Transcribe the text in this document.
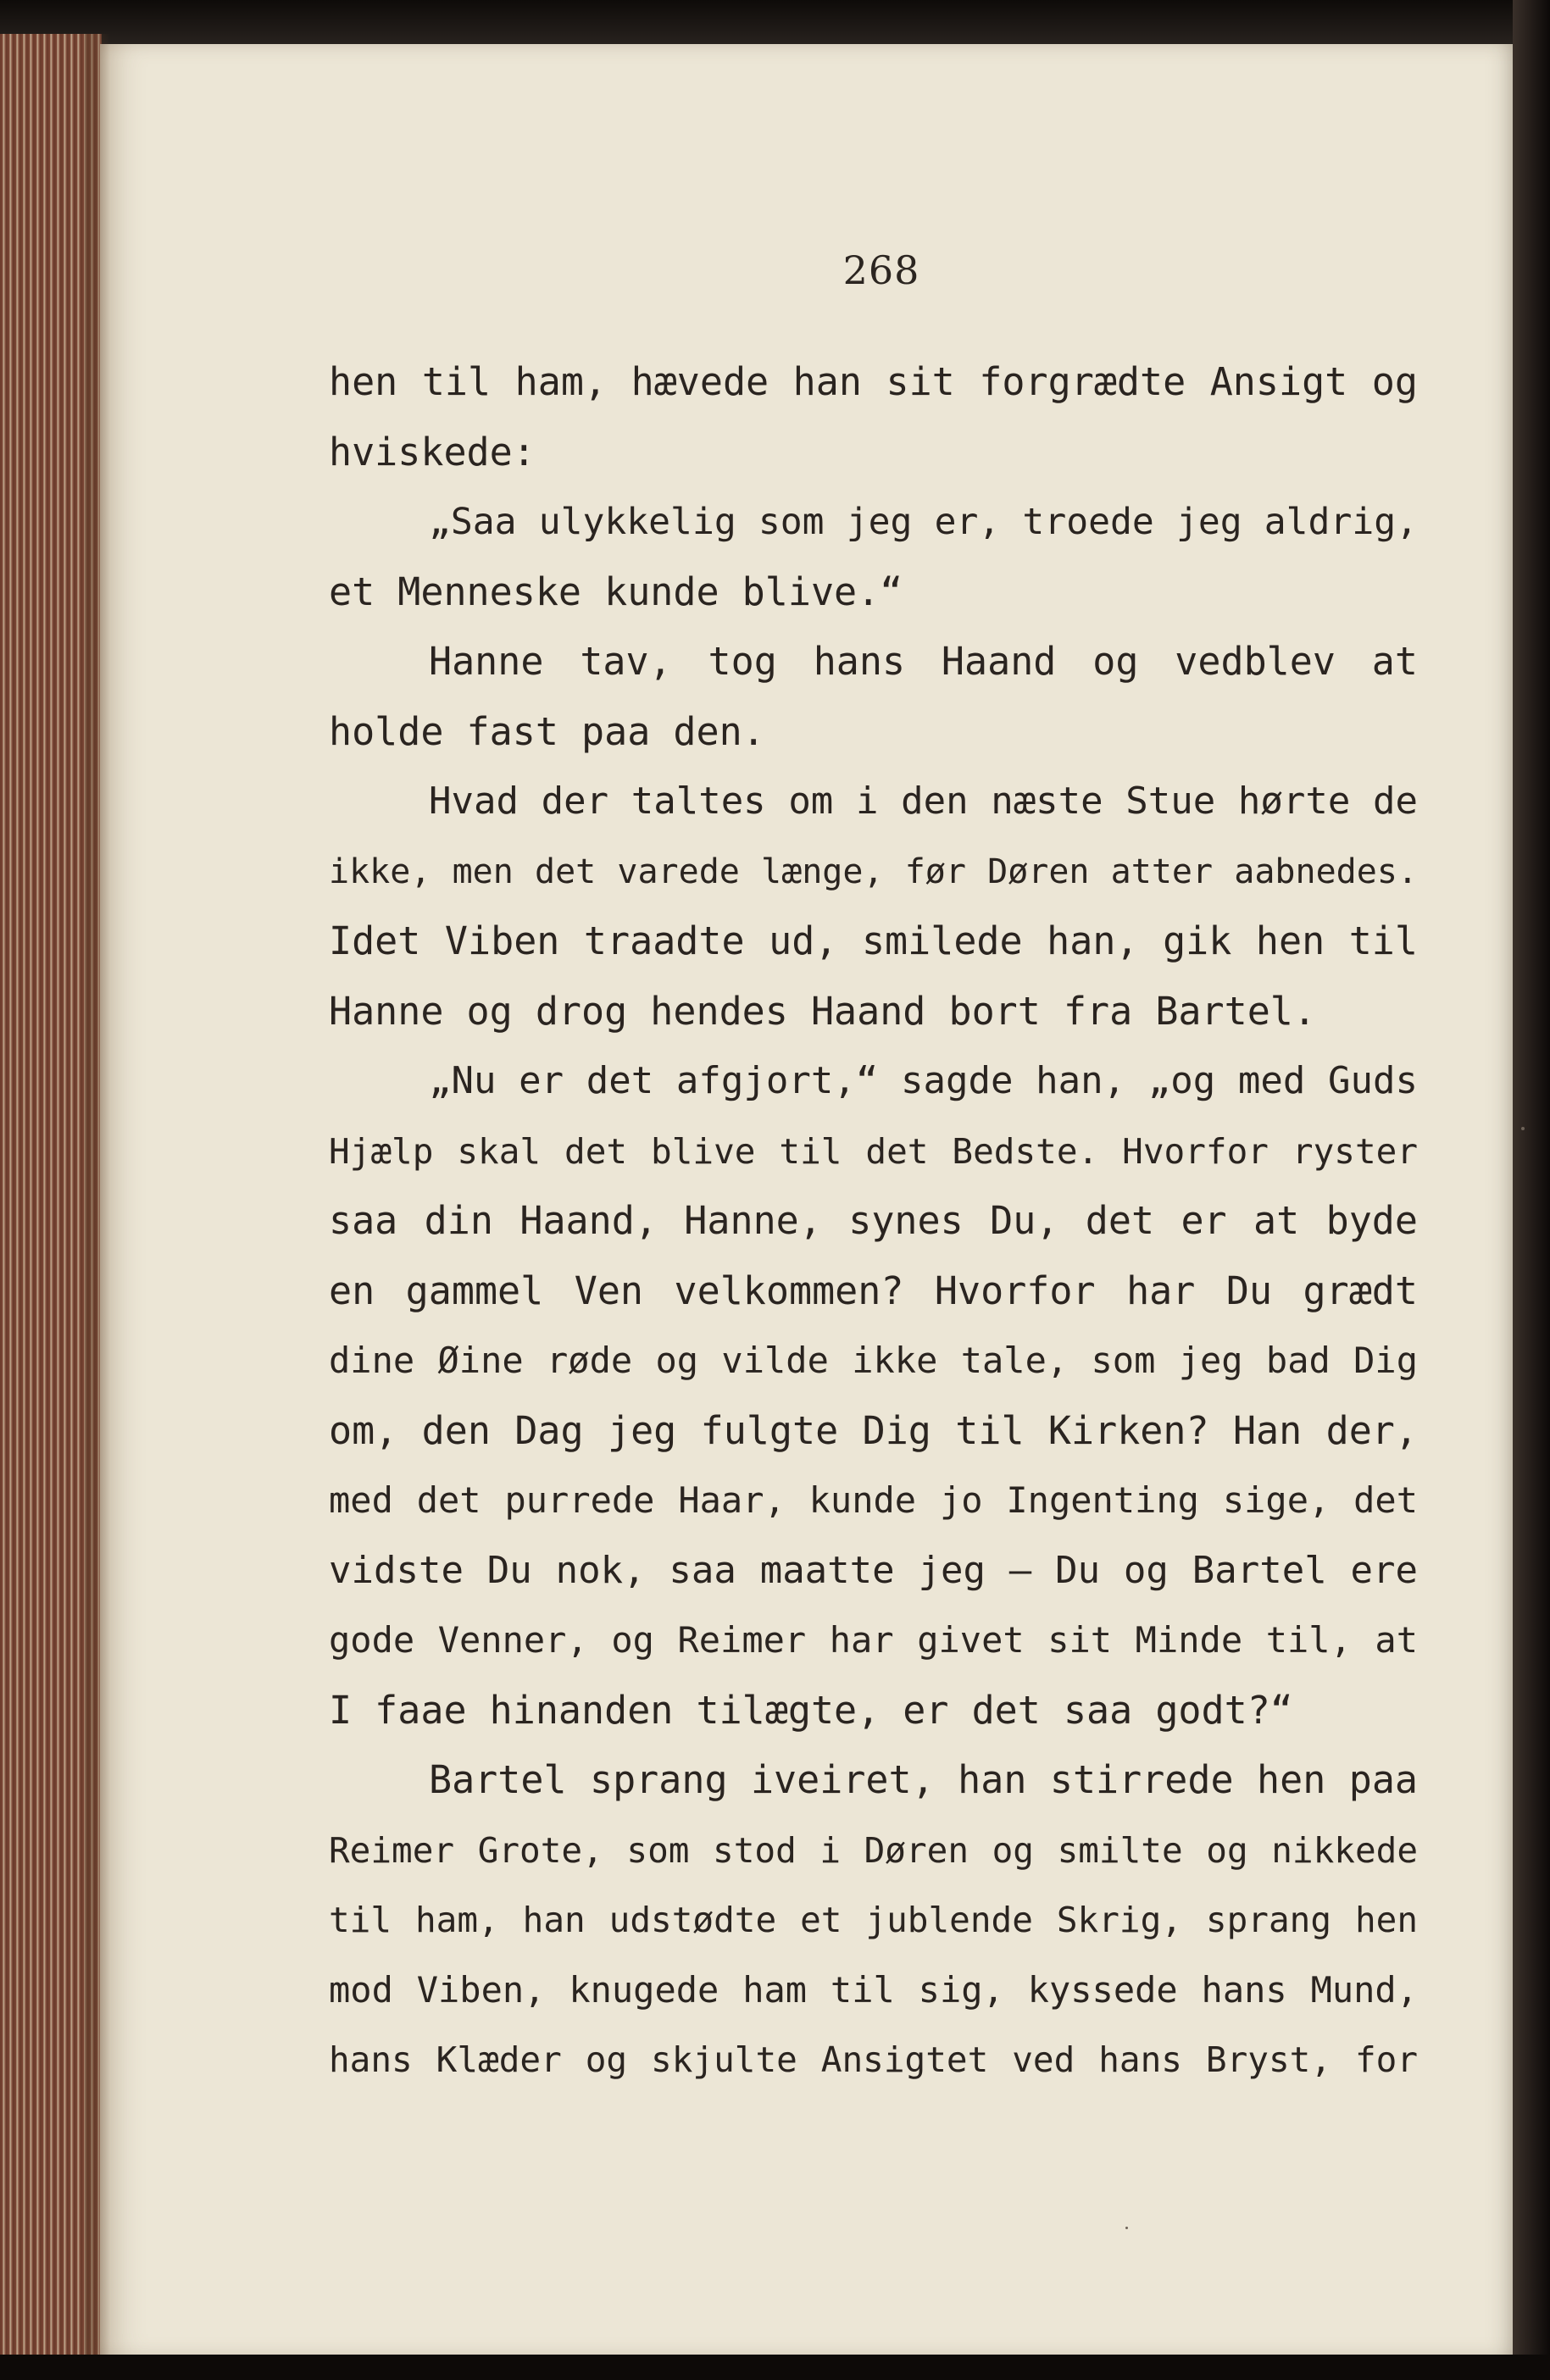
268
hen til ham, hævede han sit forgrædte Ansigt og
hviskede:
„Saa ulykkelig som jeg er, troede jeg aldrig,
et Menneske kunde blive.“
Hanne tav, tog hans Haand og vedblev at
holde fast paa den.
Hvad der taltes om i den næste Stue hørte de
ikke, men det varede længe, før Døren atter aabnedes.
Idet Viben traadte ud, smilede han, gik hen til
Hanne og drog hendes Haand bort fra Bartel.
„Nu er det afgjort,“ sagde han, „og med Guds
Hjælp skal det blive til det Bedste. Hvorfor ryster
saa din Haand, Hanne, synes Du, det er at byde
en gammel Ven velkommen? Hvorfor har Du grædt
dine Øine røde og vilde ikke tale, som jeg bad Dig
om, den Dag jeg fulgte Dig til Kirken? Han der,
med det purrede Haar, kunde jo Ingenting sige, det
vidste Du nok, saa maatte jeg — Du og Bartel ere
gode Venner, og Reimer har givet sit Minde til, at
I faae hinanden tilægte, er det saa godt?“
Bartel sprang iveiret, han stirrede hen paa
Reimer Grote, som stod i Døren og smilte og nikkede
til ham, han udstødte et jublende Skrig, sprang hen
mod Viben, knugede ham til sig, kyssede hans Mund,
hans Klæder og skjulte Ansigtet ved hans Bryst, for
